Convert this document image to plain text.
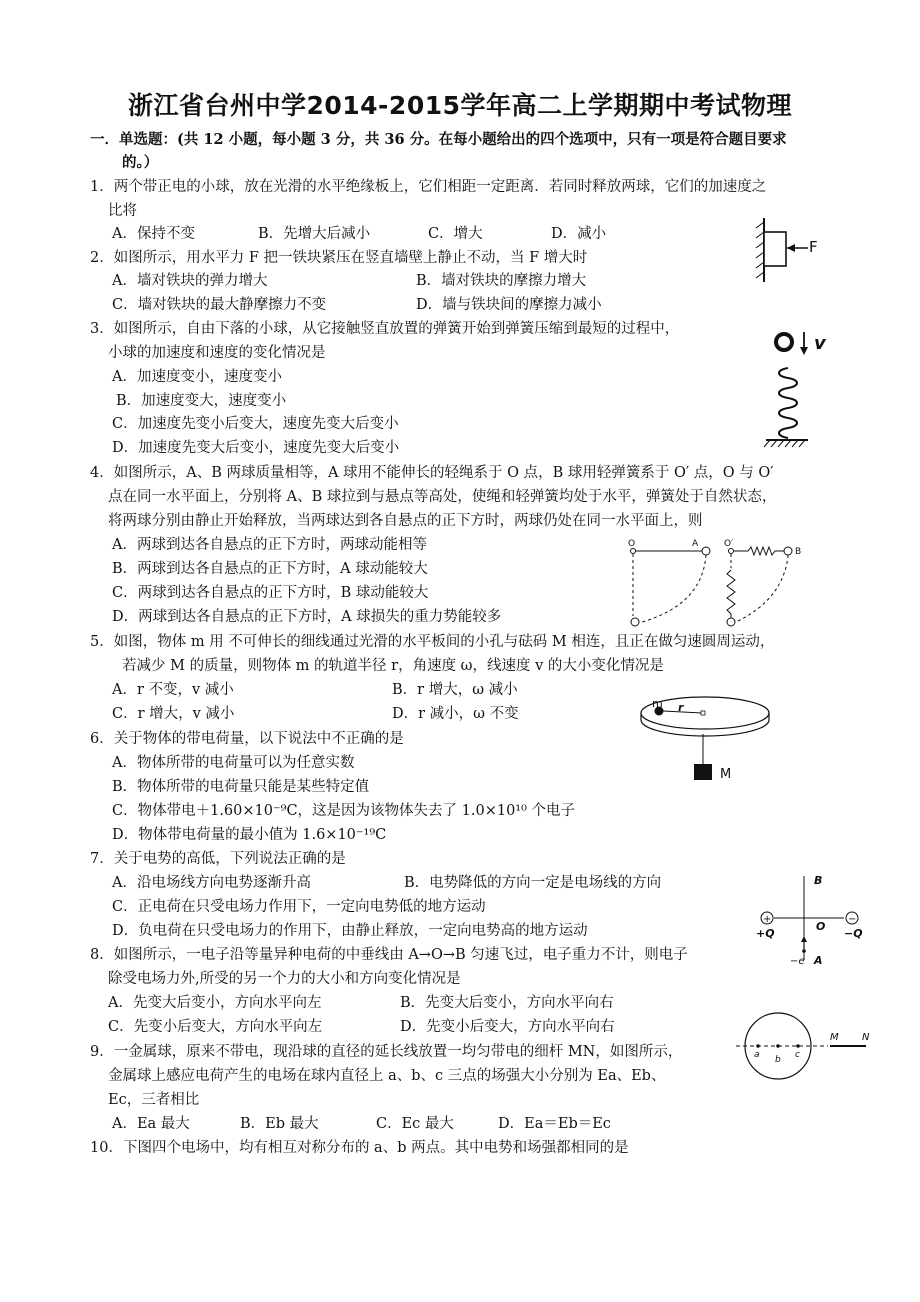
浙江省台州中学2014-2015学年高二上学期期中考试物理
一．单选题：(共 12 小题，每小题 3 分，共 36 分。在每小题给出的四个选项中，只有一项是符合题目要求
的。）
1．两个带正电的小球，放在光滑的水平绝缘板上，它们相距一定距离．若同时释放两球，它们的加速度之
比将
A．保持不变	B．先增大后减小	C．增大	D．减小
2．如图所示，用水平力 F 把一铁块紧压在竖直墙壁上静止不动，当 F 增大时
A．墙对铁块的弹力增大	B．墙对铁块的摩擦力增大
C．墙对铁块的最大静摩擦力不变	D．墙与铁块间的摩擦力减小
F
3．如图所示，自由下落的小球，从它接触竖直放置的弹簧开始到弹簧压缩到最短的过程中，
小球的加速度和速度的变化情况是
A．加速度变小，速度变小
B．加速度变大，速度变小
C．加速度先变小后变大，速度先变大后变小
D．加速度先变大后变小，速度先变大后变小
v
4．如图所示，A、B 两球质量相等，A 球用不能伸长的轻绳系于 O 点，B 球用轻弹簧系于 O′ 点，O 与 O′
点在同一水平面上，分别将 A、B 球拉到与悬点等高处，使绳和轻弹簧均处于水平，弹簧处于自然状态，
将两球分别由静止开始释放，当两球达到各自悬点的正下方时，两球仍处在同一水平面上，则
A．两球到达各自悬点的正下方时，两球动能相等
B．两球到达各自悬点的正下方时，A 球动能较大
C．两球到达各自悬点的正下方时，B 球动能较大
D．两球到达各自悬点的正下方时，A 球损失的重力势能较多
O	A	O′
B
5．如图，物体 m 用 不可伸长的细线通过光滑的水平板间的小孔与砝码 M 相连，且正在做匀速圆周运动，
若减少 M 的质量，则物体 m 的轨道半径 r，角速度 ω，线速度 v 的大小变化情况是
A．r 不变，v 减小	B．r 增大，ω 减小
C．r 增大，v 减小	D．r 减小，ω 不变
m r
M
6．关于物体的带电荷量，以下说法中不正确的是
A．物体所带的电荷量可以为任意实数
B．物体所带的电荷量只能是某些特定值
C．物体带电＋1.60×10⁻⁹C，这是因为该物体失去了 1.0×10¹⁰ 个电子
D．物体带电荷量的最小值为 1.6×10⁻¹⁹C
7．关于电势的高低，下列说法正确的是
A．沿电场线方向电势逐渐升高	B．电势降低的方向一定是电场线的方向
C．正电荷在只受电场力作用下，一定向电势低的地方运动
D．负电荷在只受电场力的作用下，由静止释放，一定向电势高的地方运动
B
+
+Q
−
−Q
O
−e A
8．如图所示，一电子沿等量异种电荷的中垂线由 A→O→B 匀速飞过，电子重力不计，则电子
除受电场力外,所受的另一个力的大小和方向变化情况是
A．先变大后变小，方向水平向左	B．先变大后变小，方向水平向右
C．先变小后变大，方向水平向左	D．先变小后变大，方向水平向右
9．一金属球，原来不带电，现沿球的直径的延长线放置一均匀带电的细杆 MN，如图所示，
金属球上感应电荷产生的电场在球内直径上 a、b、c 三点的场强大小分别为 Ea、Eb、
Ec，三者相比
A．Ea 最大	B．Eb 最大	C．Ec 最大	D．Ea＝Eb＝Ec
a b c
M N
10．下图四个电场中，均有相互对称分布的 a、b 两点。其中电势和场强都相同的是
